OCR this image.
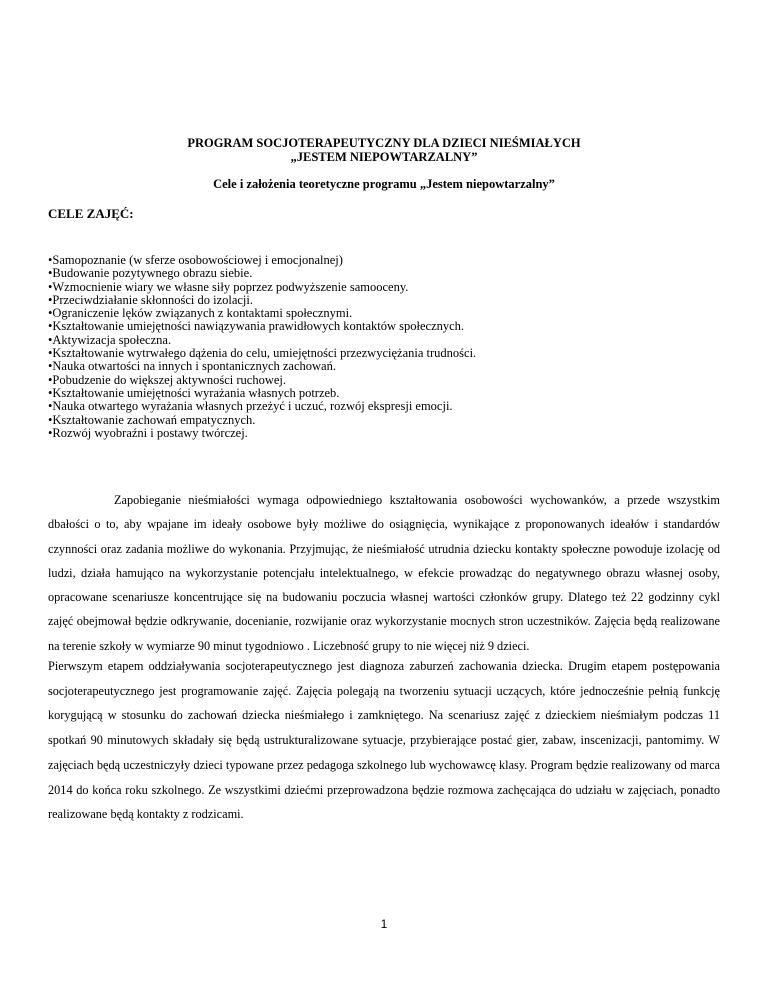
PROGRAM SOCJOTERAPEUTYCZNY DLA DZIECI NIEŚMIAŁYCH
„JESTEM NIEPOWTARZALNY”
Cele i założenia teoretyczne programu „Jestem niepowtarzalny”
CELE ZAJĘĆ:
•Samopoznanie (w sferze osobowościowej i emocjonalnej)
•Budowanie pozytywnego obrazu siebie.
•Wzmocnienie wiary we własne siły poprzez podwyższenie samooceny.
•Przeciwdziałanie skłonności do izolacji.
•Ograniczenie lęków związanych z kontaktami społecznymi.
•Kształtowanie umiejętności nawiązywania prawidłowych kontaktów społecznych.
•Aktywizacja społeczna.
•Kształtowanie wytrwałego dążenia do celu, umiejętności przezwyciężania trudności.
•Nauka otwartości na innych i spontanicznych zachowań.
•Pobudzenie do większej aktywności ruchowej.
•Kształtowanie umiejętności wyrażania własnych potrzeb.
•Nauka otwartego wyrażania własnych przeżyć i uczuć, rozwój ekspresji emocji.
•Kształtowanie zachowań empatycznych.
•Rozwój wyobraźni i postawy twórczej.

Zapobieganie nieśmiałości wymaga odpowiedniego kształtowania osobowości wychowanków, a przede wszystkim dbałości o to, aby wpajane im ideały osobowe były możliwe do osiągnięcia, wynikające z proponowanych ideałów i standardów czynności oraz zadania możliwe do wykonania. Przyjmując, że nieśmiałość utrudnia dziecku kontakty społeczne powoduje izolację od ludzi, działa hamująco na wykorzystanie potencjału intelektualnego, w efekcie prowadząc do negatywnego obrazu własnej osoby, opracowane scenariusze koncentrujące się na budowaniu poczucia własnej wartości członków grupy. Dlatego też 22 godzinny cykl zajęć obejmował będzie odkrywanie, docenianie, rozwijanie oraz wykorzystanie mocnych stron uczestników. Zajęcia będą realizowane na terenie szkoły w wymiarze 90 minut tygodniowo . Liczebność grupy to nie więcej niż 9 dzieci.

Pierwszym etapem oddziaływania socjoterapeutycznego jest diagnoza zaburzeń zachowania dziecka. Drugim etapem postępowania socjoterapeutycznego jest programowanie zajęć. Zajęcia polegają na tworzeniu sytuacji uczących, które jednocześnie pełnią funkcję korygującą w stosunku do zachowań dziecka nieśmiałego i zamkniętego. Na scenariusz zajęć z dzieckiem nieśmiałym podczas 11 spotkań 90 minutowych składały się będą ustrukturalizowane sytuacje, przybierające postać gier, zabaw, inscenizacji, pantomimy. W zajęciach będą uczestniczyły dzieci typowane przez pedagoga szkolnego lub wychowawcę klasy. Program będzie realizowany od marca 2014 do końca roku szkolnego. Ze wszystkimi dziećmi przeprowadzona będzie rozmowa zachęcająca do udziału w zajęciach, ponadto realizowane będą kontakty z rodzicami.

1
